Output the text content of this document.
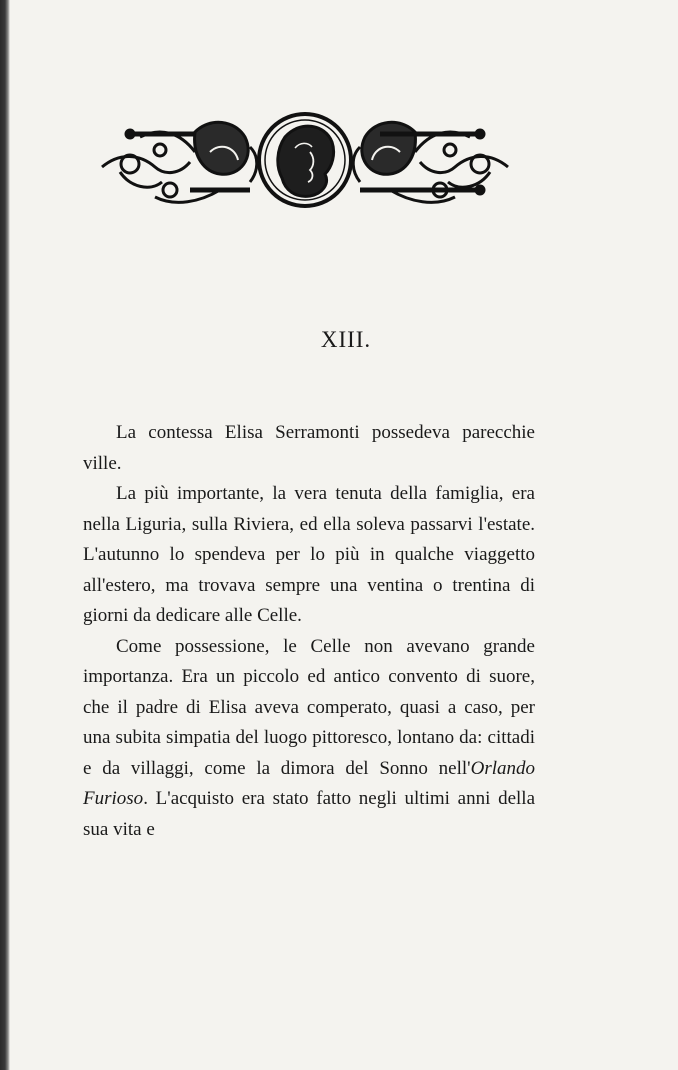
XIII.

La contessa Elisa Serramonti possedeva parecchie ville.

La più importante, la vera tenuta della famiglia, era nella Liguria, sulla Riviera, ed ella soleva passarvi l'estate. L'autunno lo spendeva per lo più in qualche viaggetto all'estero, ma trovava sempre una ventina o trentina di giorni da dedicare alle Celle.

Come possessione, le Celle non avevano grande importanza. Era un piccolo ed antico convento di suore, che il padre di Elisa aveva comperato, quasi a caso, per una subita simpatia del luogo pittoresco, lontano da: cittadi e da villaggi, come la dimora del Sonno nell'Orlando Furioso. L'acquisto era stato fatto negli ultimi anni della sua vita e
